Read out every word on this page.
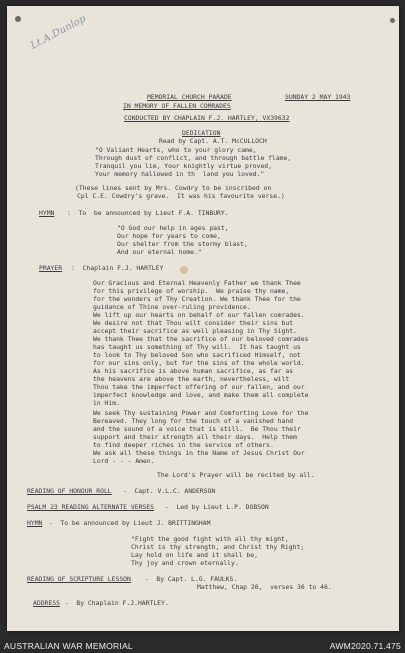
Lt.A.Dunlop
MEMORIAL CHURCH PARADE	SUNDAY 2 MAY 1943
IN MEMORY OF FALLEN COMRADES
CONDUCTED BY CHAPLAIN F.J. HARTLEY, VX39632
DEDICATION
Read by Capt. A.T. McCULLOCH
"O Valiant Hearts, who to your glory came,
Through dust of conflict, and through battle flame,
Tranquil you lie, Your knightly virtue proved,
Your memory hallowed in th  land you loved."
(These lines sent by Mrs. Cowdry to be inscribed on
Cpl C.E. Cowdry's grave.  It was his favourite verse.)
HYMN :  To  be announced by Lieut F.A. TINBURY.
"O God our help in ages past,
Our hope for years to come,
Our shelter from the stormy blast,
And our eternal home."
PRAYER :  Chaplain F.J. HARTLEY
Our Gracious and Eternal Heavenly Father we thank Thee
for this privilege of worship.  We praise thy name,
for the wonders of Thy Creation. We thank Thee for the
guidance of Thine over-ruling providence.
We lift up our hearts on behalf of our fallen comrades.
We desire not that Thou wilt consider their sins but
accept their sacrifice as well pleasing in Thy Sight.
We thank Thee that the sacrifice of our beloved comrades
has taught us something of Thy will.  It has taught us
to look to Thy beloved Son who sacrificed Himself, not
for our sins only, but for the sins of the whole world.
As his sacrifice is above human sacrifice, as far as
the heavens are above the earth, nevertheless, wilt
Thou take the imperfect offering of our fallen, and our
imperfect knowledge and love, and make them all complete
in Him.
We seek Thy sustaining Power and Comforting Love for the
Bereaved. They long for the touch of a vanished hand
and the sound of a voice that is still.  Be Thou their
support and their strength all their days.  Help them
to find deeper riches in the service of others.
We ask all these things in the Name of Jesus Christ Our
Lord - - - Amen.
The Lord's Prayer will be recited by all.
READING OF HONOUR ROLL -  Capt. V.L.C. ANDERSON
PSALM 23 READING ALTERNATE VERSES -  Led by Lieut L.P. DOBSON
HYMN -  To be announced by Lieut J. BRITTINGHAM
"Fight the good fight with all thy might,
Christ is thy strength, and Christ thy Right;
Lay hold on life and it shall be,
Thy joy and crown eternally.
READING OF SCRIPTURE LESSON -  By Capt. L.G. FAULKS.
Matthew, Chap 26,  verses 36 to 46.
ADDRESS -  By Chaplain F.J.HARTLEY.
AUSTRALIAN WAR MEMORIAL	AWM2020.71.475
